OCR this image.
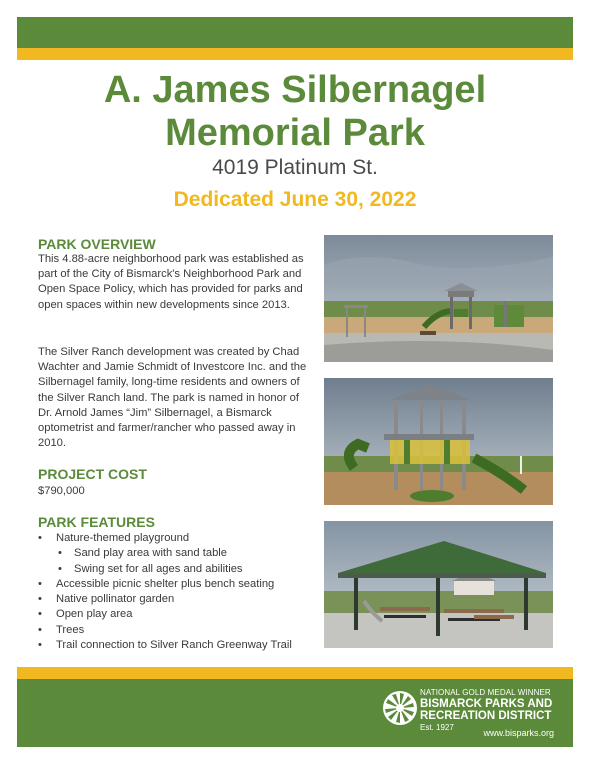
A. James Silbernagel
Memorial Park
4019 Platinum St.
Dedicated June 30, 2022
PARK OVERVIEW
This 4.88-acre neighborhood park was established as part of the City of Bismarck's Neighborhood Park and Open Space Policy, which has provided for parks and open spaces within new developments since 2013.
The Silver Ranch development was created by Chad Wachter and Jamie Schmidt of Investcore Inc. and the Silbernagel family, long-time residents and owners of the Silver Ranch land. The park is named in honor of Dr. Arnold James “Jim” Silbernagel, a Bismarck optometrist and farmer/rancher who passed away in 2010.
PROJECT COST
$790,000
PARK FEATURES
• Nature-themed playground
• Sand play area with sand table
• Swing set for all ages and abilities
• Accessible picnic shelter plus bench seating
• Native pollinator garden
• Open play area
• Trees
• Trail connection to Silver Ranch Greenway Trail
NATIONAL GOLD MEDAL WINNER
BISMARCK PARKS AND
RECREATION DISTRICT
Est. 1927
www.bisparks.org
